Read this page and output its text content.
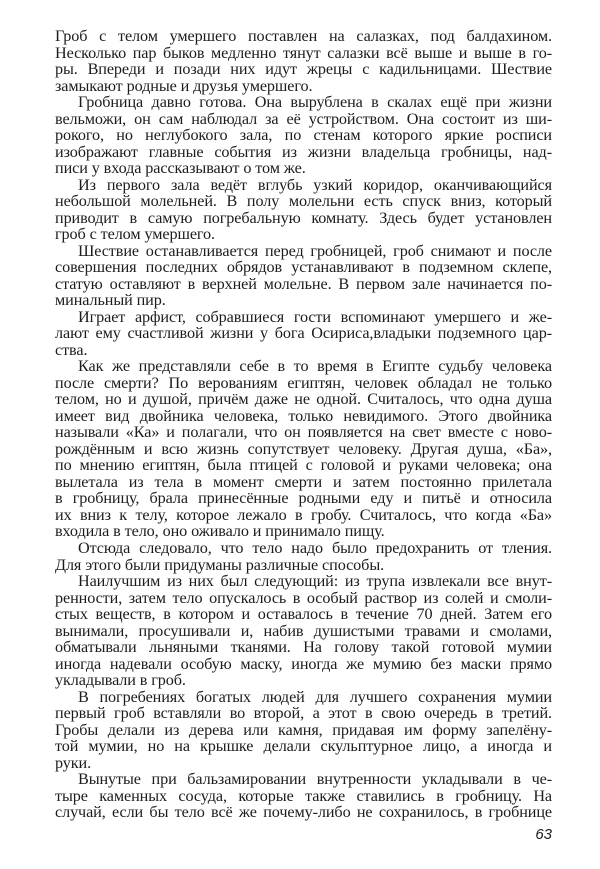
Гроб с телом умершего поставлен на салазках, под балдахином.
Несколько пар быков медленно тянут салазки всё выше и выше в го-
ры. Впереди и позади них идут жрецы с кадильницами. Шествие
замыкают родные и друзья умершего.
Гробница давно готова. Она вырублена в скалах ещё при жизни
вельможи, он сам наблюдал за её устройством. Она состоит из ши-
рокого, но неглубокого зала, по стенам которого яркие росписи
изображают главные события из жизни владельца гробницы, над-
писи у входа рассказывают о том же.
Из первого зала ведёт вглубь узкий коридор, оканчивающийся
небольшой молельней. В полу молельни есть спуск вниз, который
приводит в самую погребальную комнату. Здесь будет установлен
гроб с телом умершего.
Шествие останавливается перед гробницей, гроб снимают и после
совершения последних обрядов устанавливают в подземном склепе,
статую оставляют в верхней молельне. В первом зале начинается по-
минальный пир.
Играет арфист, собравшиеся гости вспоминают умершего и же-
лают ему счастливой жизни у бога Осириса,владыки подземного цар-
ства.
Как же представляли себе в то время в Египте судьбу человека
после смерти? По верованиям египтян, человек обладал не только
телом, но и душой, причём даже не одной. Считалось, что одна душа
имеет вид двойника человека, только невидимого. Этого двойника
называли «Ка» и полагали, что он появляется на свет вместе с ново-
рождённым и всю жизнь сопутствует человеку. Другая душа, «Ба»,
по мнению египтян, была птицей с головой и руками человека; она
вылетала из тела в момент смерти и затем постоянно прилетала
в гробницу, брала принесённые родными еду и питьё и относила
их вниз к телу, которое лежало в гробу. Считалось, что когда «Ба»
входила в тело, оно оживало и принимало пищу.
Отсюда следовало, что тело надо было предохранить от тления.
Для этого были придуманы различные способы.
Наилучшим из них был следующий: из трупа извлекали все внут-
ренности, затем тело опускалось в особый раствор из солей и смоли-
стых веществ, в котором и оставалось в течение 70 дней. Затем его
вынимали, просушивали и, набив душистыми травами и смолами,
обматывали льняными тканями. На голову такой готовой мумии
иногда надевали особую маску, иногда же мумию без маски прямо
укладывали в гроб.
В погребениях богатых людей для лучшего сохранения мумии
первый гроб вставляли во второй, а этот в свою очередь в третий.
Гробы делали из дерева или камня, придавая им форму запелёну-
той мумии, но на крышке делали скульптурное лицо, а иногда и
руки.
Вынутые при бальзамировании внутренности укладывали в че-
тыре каменных сосуда, которые также ставились в гробницу. На
случай, если бы тело всё же почему-либо не сохранилось, в гробнице
63
